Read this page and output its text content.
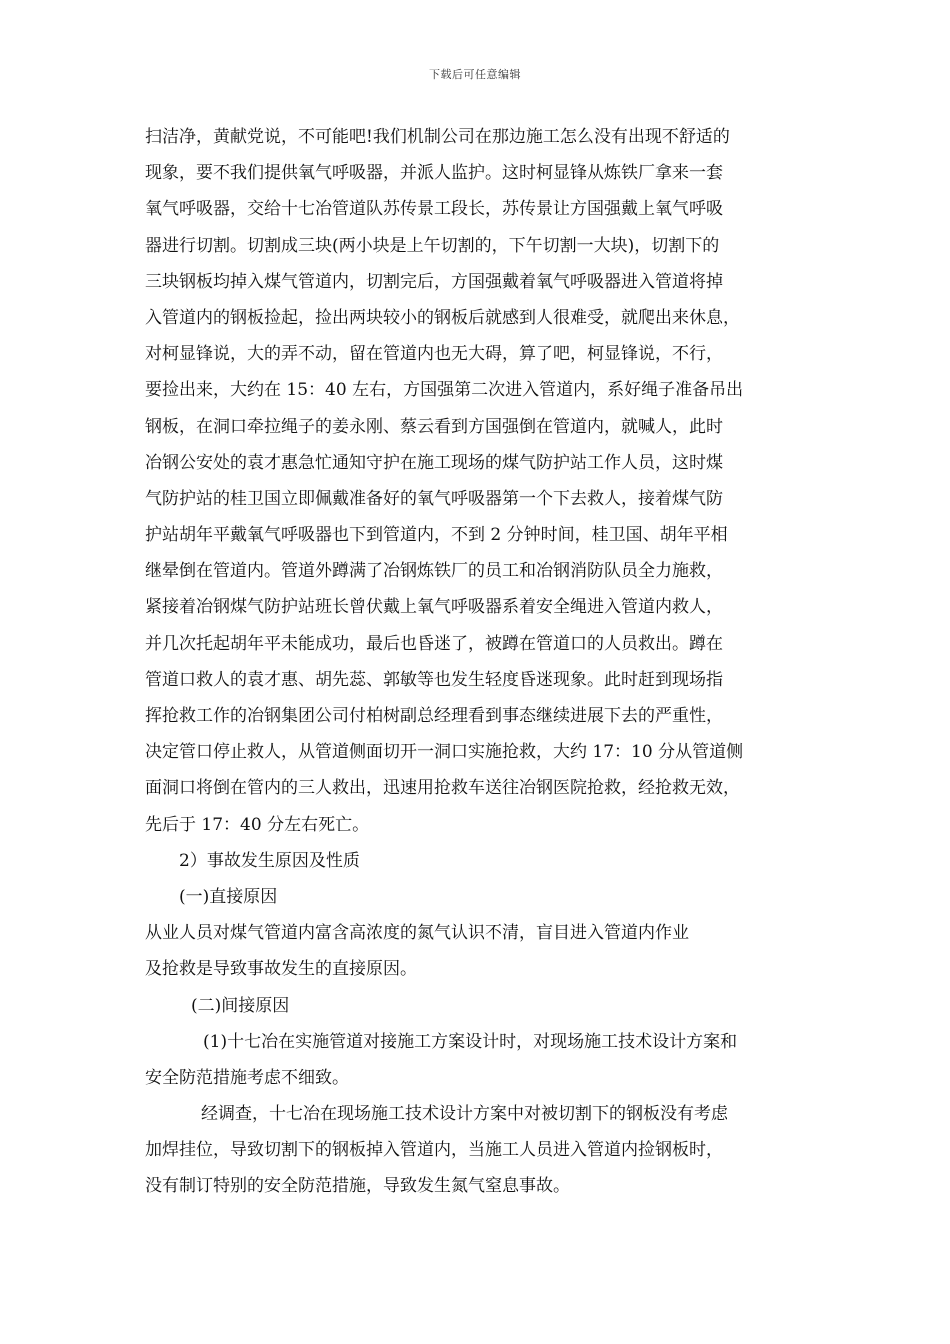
下载后可任意编辑
扫洁净，黄献党说，不可能吧!我们机制公司在那边施工怎么没有出现不舒适的
现象，要不我们提供氧气呼吸器，并派人监护。这时柯显锋从炼铁厂拿来一套
氧气呼吸器，交给十七冶管道队苏传景工段长，苏传景让方国强戴上氧气呼吸
器进行切割。切割成三块(两小块是上午切割的，下午切割一大块)，切割下的
三块钢板均掉入煤气管道内，切割完后，方国强戴着氧气呼吸器进入管道将掉
入管道内的钢板捡起，捡出两块较小的钢板后就感到人很难受，就爬出来休息，
对柯显锋说，大的弄不动，留在管道内也无大碍，算了吧，柯显锋说，不行，
要捡出来，大约在 15：40 左右，方国强第二次进入管道内，系好绳子准备吊出
钢板，在洞口牵拉绳子的姜永刚、蔡云看到方国强倒在管道内，就喊人，此时
冶钢公安处的袁才惠急忙通知守护在施工现场的煤气防护站工作人员，这时煤
气防护站的桂卫国立即佩戴准备好的氧气呼吸器第一个下去救人，接着煤气防
护站胡年平戴氧气呼吸器也下到管道内，不到 2 分钟时间，桂卫国、胡年平相
继晕倒在管道内。管道外蹲满了冶钢炼铁厂的员工和冶钢消防队员全力施救，
紧接着冶钢煤气防护站班长曾伏戴上氧气呼吸器系着安全绳进入管道内救人，
并几次托起胡年平未能成功，最后也昏迷了，被蹲在管道口的人员救出。蹲在
管道口救人的袁才惠、胡先蕊、郭敏等也发生轻度昏迷现象。此时赶到现场指
挥抢救工作的冶钢集团公司付柏树副总经理看到事态继续进展下去的严重性，
决定管口停止救人，从管道侧面切开一洞口实施抢救，大约 17：10 分从管道侧
面洞口将倒在管内的三人救出，迅速用抢救车送往冶钢医院抢救，经抢救无效，
先后于 17：40 分左右死亡。
2）事故发生原因及性质
(一)直接原因
从业人员对煤气管道内富含高浓度的氮气认识不清，盲目进入管道内作业
及抢救是导致事故发生的直接原因。
(二)间接原因
(1)十七冶在实施管道对接施工方案设计时，对现场施工技术设计方案和
安全防范措施考虑不细致。
经调查，十七冶在现场施工技术设计方案中对被切割下的钢板没有考虑
加焊挂位，导致切割下的钢板掉入管道内，当施工人员进入管道内捡钢板时，
没有制订特别的安全防范措施，导致发生氮气窒息事故。
